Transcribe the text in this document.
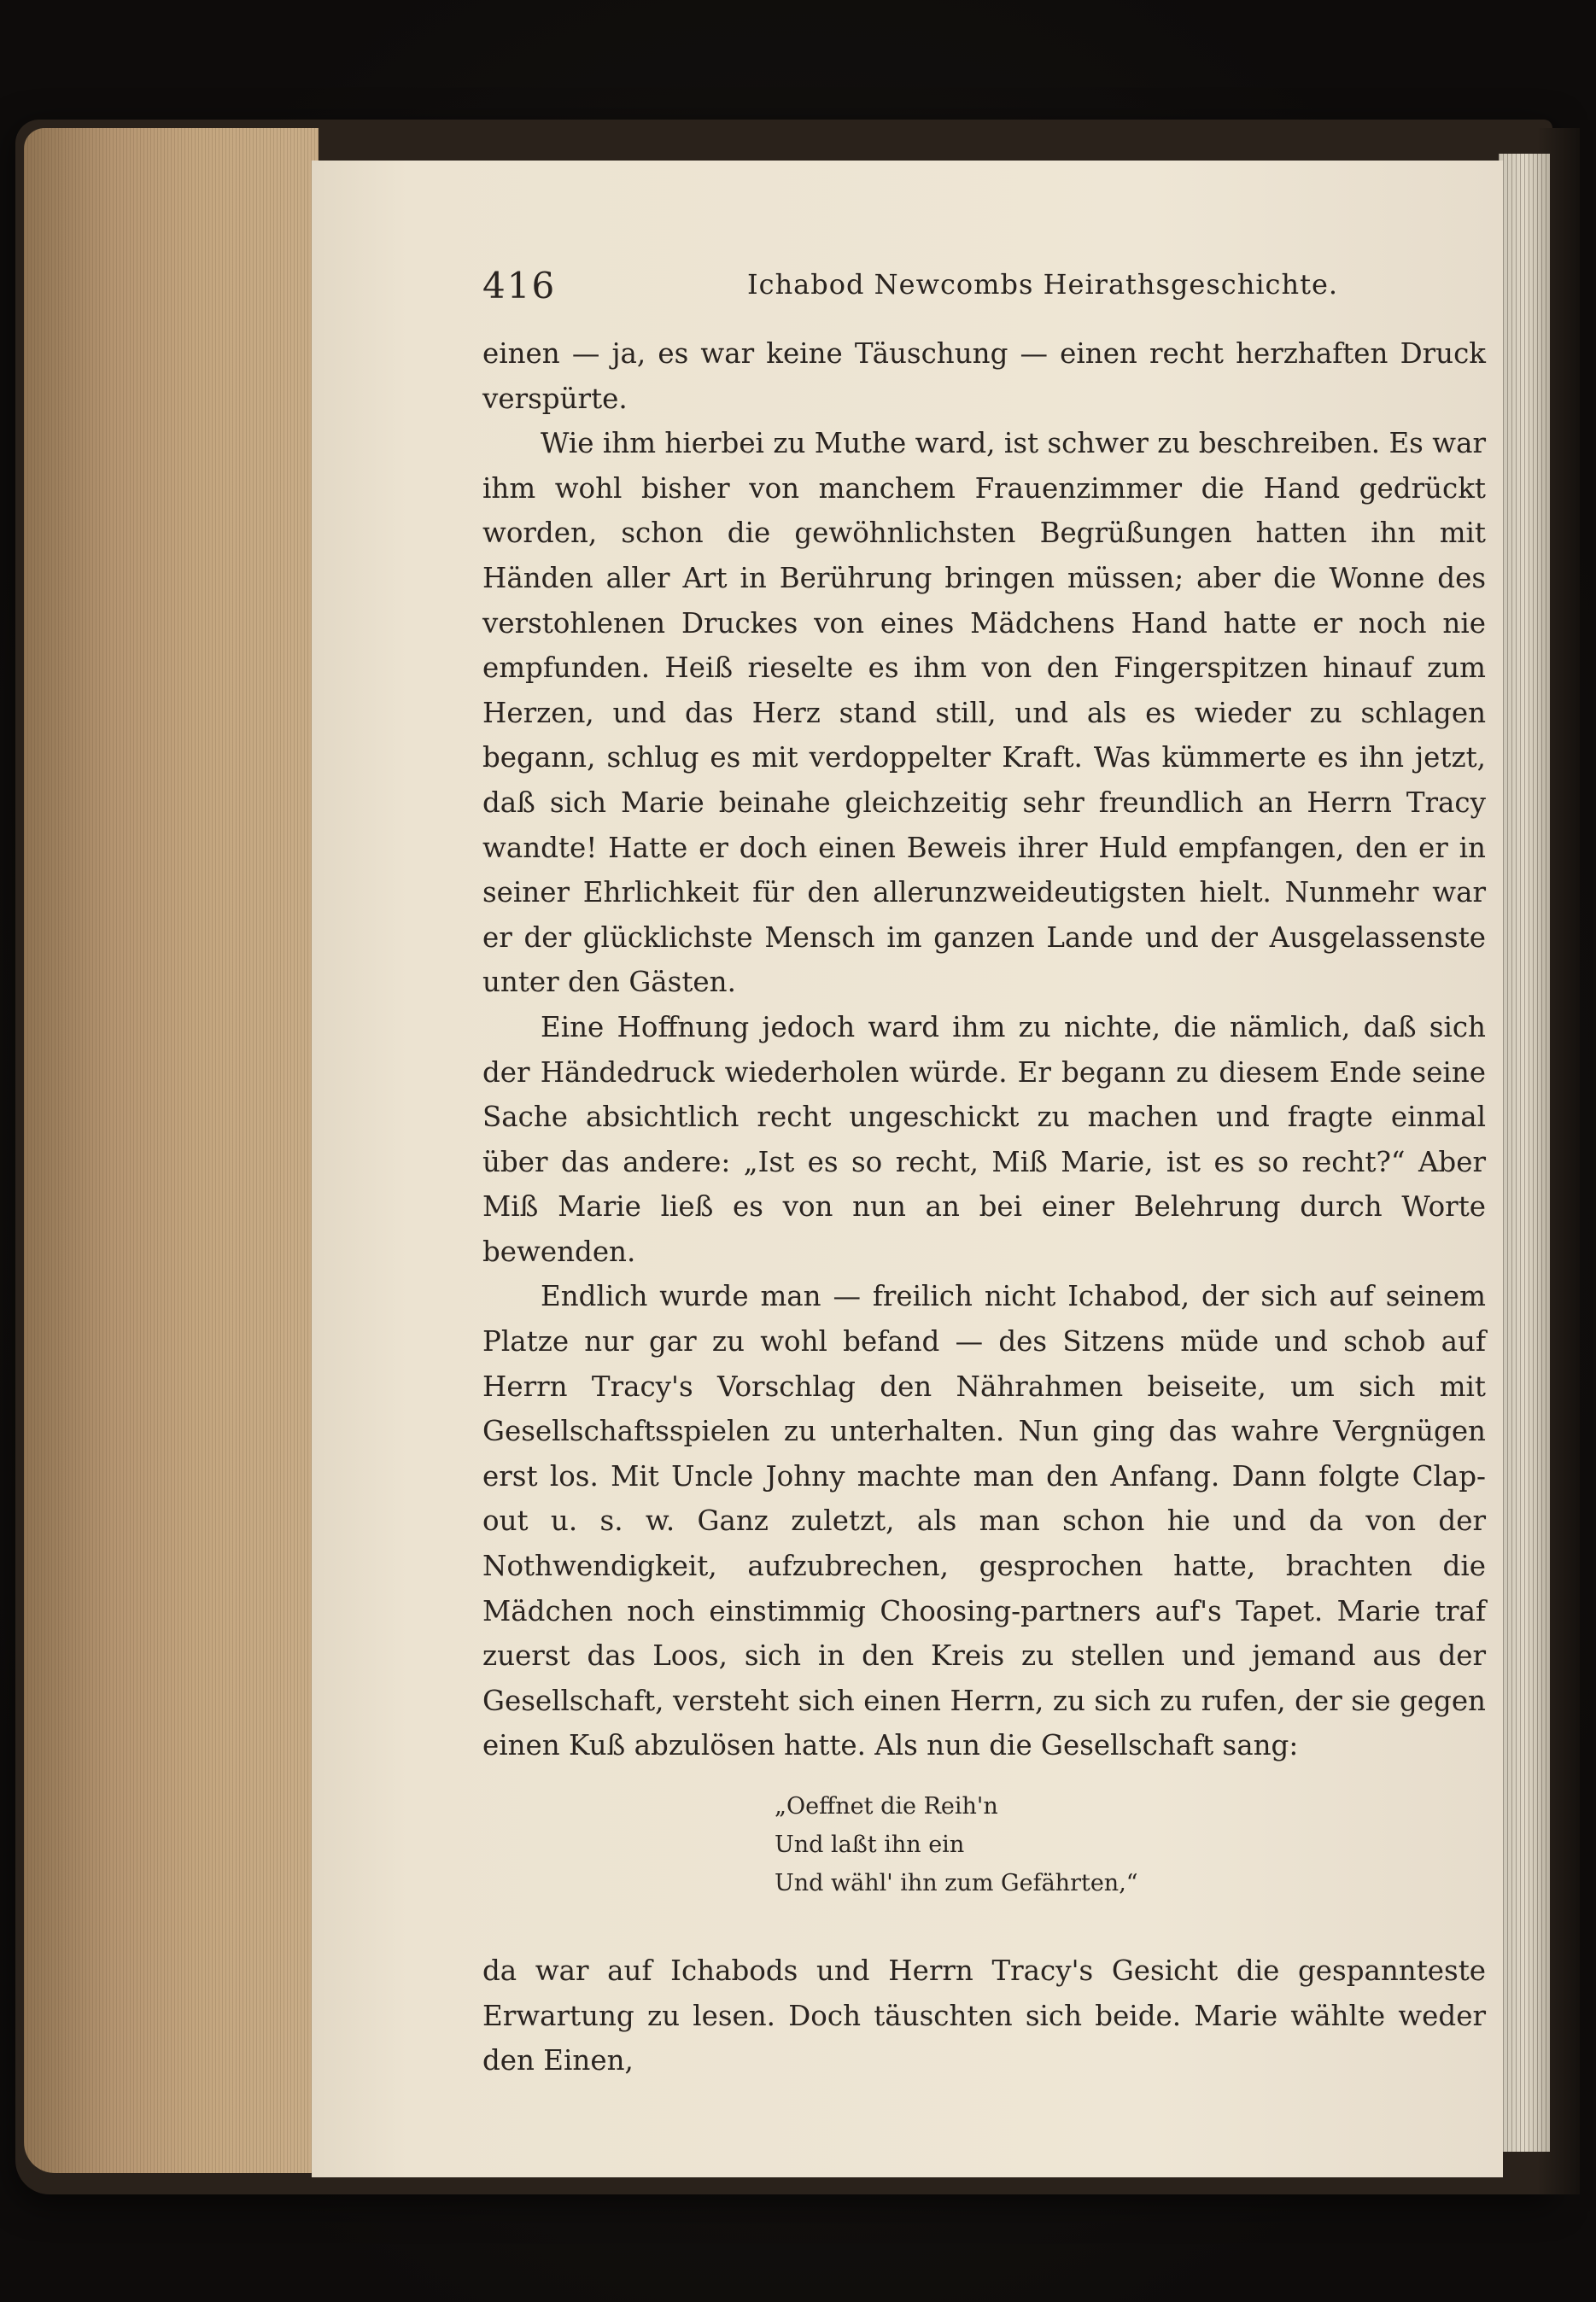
416	Ichabod Newcombs Heirathsgeschichte.

einen — ja, es war keine Täuschung — einen recht herzhaften Druck verspürte.

Wie ihm hierbei zu Muthe ward, ist schwer zu beschreiben. Es war ihm wohl bisher von manchem Frauenzimmer die Hand gedrückt worden, schon die gewöhnlichsten Begrüßungen hatten ihn mit Händen aller Art in Berührung bringen müssen; aber die Wonne des verstohlenen Druckes von eines Mädchens Hand hatte er noch nie empfunden. Heiß rieselte es ihm von den Fingerspitzen hinauf zum Herzen, und das Herz stand still, und als es wieder zu schlagen begann, schlug es mit verdoppelter Kraft. Was kümmerte es ihn jetzt, daß sich Marie beinahe gleichzeitig sehr freundlich an Herrn Tracy wandte! Hatte er doch einen Beweis ihrer Huld empfangen, den er in seiner Ehrlichkeit für den allerunzweideutigsten hielt. Nunmehr war er der glücklichste Mensch im ganzen Lande und der Ausgelassenste unter den Gästen.

Eine Hoffnung jedoch ward ihm zu nichte, die nämlich, daß sich der Händedruck wiederholen würde. Er begann zu diesem Ende seine Sache absichtlich recht ungeschickt zu machen und fragte einmal über das andere: „Ist es so recht, Miß Marie, ist es so recht?“ Aber Miß Marie ließ es von nun an bei einer Belehrung durch Worte bewenden.

Endlich wurde man — freilich nicht Ichabod, der sich auf seinem Platze nur gar zu wohl befand — des Sitzens müde und schob auf Herrn Tracy's Vorschlag den Nährahmen beiseite, um sich mit Gesellschaftsspielen zu unterhalten. Nun ging das wahre Vergnügen erst los. Mit Uncle Johny machte man den Anfang. Dann folgte Clap-out u. s. w. Ganz zuletzt, als man schon hie und da von der Nothwendigkeit, aufzubrechen, gesprochen hatte, brachten die Mädchen noch einstimmig Choosing-partners auf's Tapet. Marie traf zuerst das Loos, sich in den Kreis zu stellen und jemand aus der Gesellschaft, versteht sich einen Herrn, zu sich zu rufen, der sie gegen einen Kuß abzulösen hatte. Als nun die Gesellschaft sang:

„Oeffnet die Reih'n
Und laßt ihn ein
Und wähl' ihn zum Gefährten,“

da war auf Ichabods und Herrn Tracy's Gesicht die gespannteste Erwartung zu lesen. Doch täuschten sich beide. Marie wählte weder den Einen,
